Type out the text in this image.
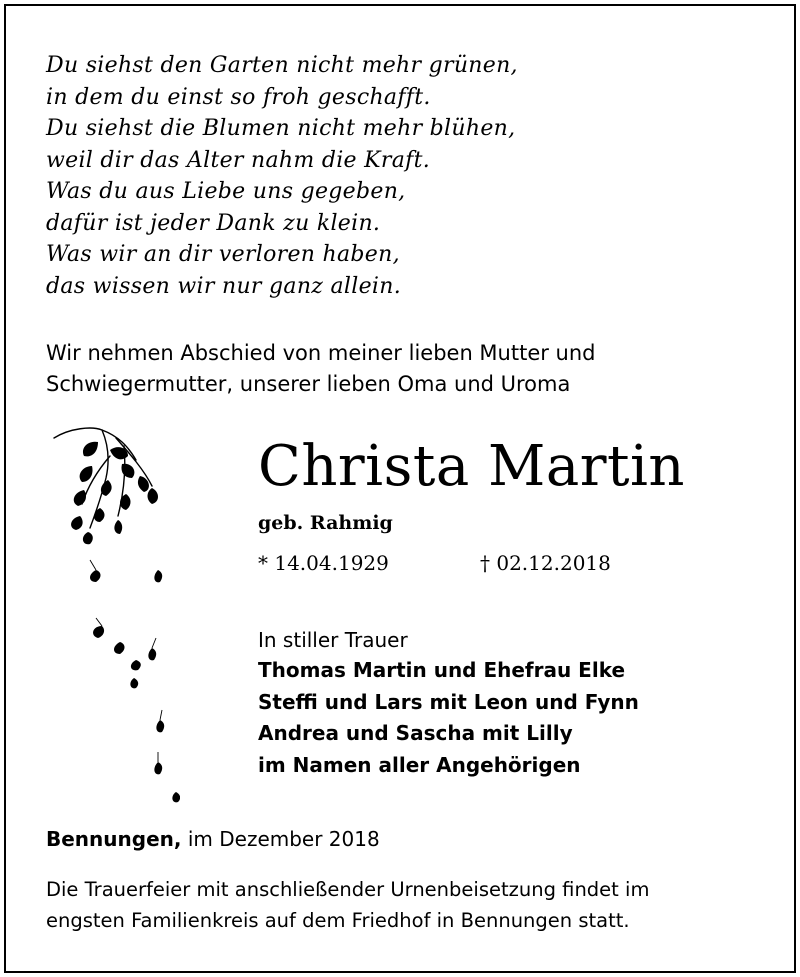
Du siehst den Garten nicht mehr grünen,
in dem du einst so froh geschafft.
Du siehst die Blumen nicht mehr blühen,
weil dir das Alter nahm die Kraft.
Was du aus Liebe uns gegeben,
dafür ist jeder Dank zu klein.
Was wir an dir verloren haben,
das wissen wir nur ganz allein.
Wir nehmen Abschied von meiner lieben Mutter und
Schwiegermutter, unserer lieben Oma und Uroma
Christa Martin
geb. Rahmig
* 14.04.1929	† 02.12.2018
In stiller Trauer
Thomas Martin und Ehefrau Elke
Steffi und Lars mit Leon und Fynn
Andrea und Sascha mit Lilly
im Namen aller Angehörigen
Bennungen, im Dezember 2018
Die Trauerfeier mit anschließender Urnenbeisetzung findet im
engsten Familienkreis auf dem Friedhof in Bennungen statt.
